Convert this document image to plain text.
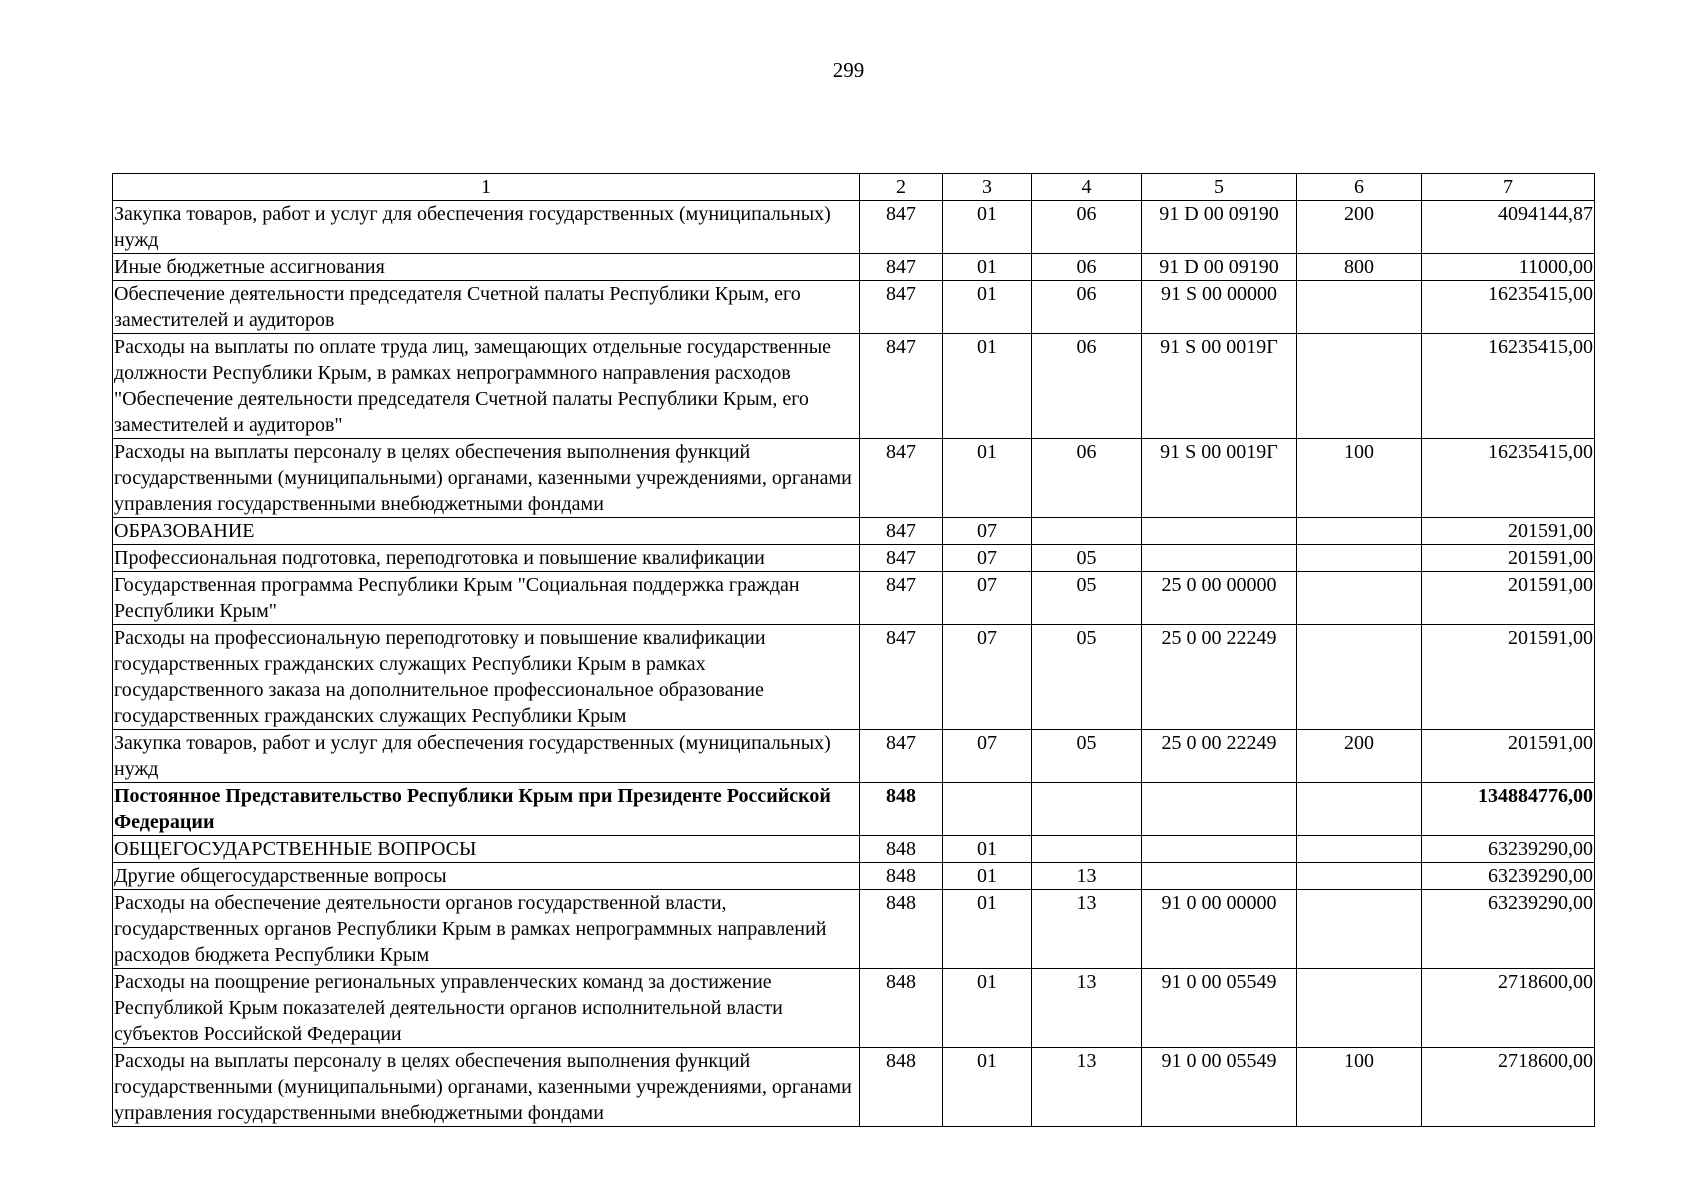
299
1	2	3	4	5	6	7
Закупка товаров, работ и услуг для обеспечения государственных (муниципальных) нужд	847	01	06	91 D 00 09190	200	4094144,87
Иные бюджетные ассигнования	847	01	06	91 D 00 09190	800	11000,00
Обеспечение деятельности председателя Счетной палаты Республики Крым, его заместителей и аудиторов	847	01	06	91 S 00 00000		16235415,00
Расходы на выплаты по оплате труда лиц, замещающих отдельные государственные должности Республики Крым, в рамках непрограммного направления расходов "Обеспечение деятельности председателя Счетной палаты Республики Крым, его заместителей и аудиторов"	847	01	06	91 S 00 0019Г		16235415,00
Расходы на выплаты персоналу в целях обеспечения выполнения функций государственными (муниципальными) органами, казенными учреждениями, органами управления государственными внебюджетными фондами	847	01	06	91 S 00 0019Г	100	16235415,00
ОБРАЗОВАНИЕ	847	07				201591,00
Профессиональная подготовка, переподготовка и повышение квалификации	847	07	05			201591,00
Государственная программа Республики Крым "Социальная поддержка граждан Республики Крым"	847	07	05	25 0 00 00000		201591,00
Расходы на профессиональную переподготовку и повышение квалификации государственных гражданских служащих Республики Крым в рамках государственного заказа на дополнительное профессиональное образование государственных гражданских служащих Республики Крым	847	07	05	25 0 00 22249		201591,00
Закупка товаров, работ и услуг для обеспечения государственных (муниципальных) нужд	847	07	05	25 0 00 22249	200	201591,00
Постоянное Представительство Республики Крым при Президенте Российской Федерации	848					134884776,00
ОБЩЕГОСУДАРСТВЕННЫЕ ВОПРОСЫ	848	01				63239290,00
Другие общегосударственные вопросы	848	01	13			63239290,00
Расходы на обеспечение деятельности органов государственной власти, государственных органов Республики Крым в рамках непрограммных направлений расходов бюджета Республики Крым	848	01	13	91 0 00 00000		63239290,00
Расходы на поощрение региональных управленческих команд за достижение Республикой Крым показателей деятельности органов исполнительной власти субъектов Российской Федерации	848	01	13	91 0 00 05549		2718600,00
Расходы на выплаты персоналу в целях обеспечения выполнения функций государственными (муниципальными) органами, казенными учреждениями, органами управления государственными внебюджетными фондами	848	01	13	91 0 00 05549	100	2718600,00
